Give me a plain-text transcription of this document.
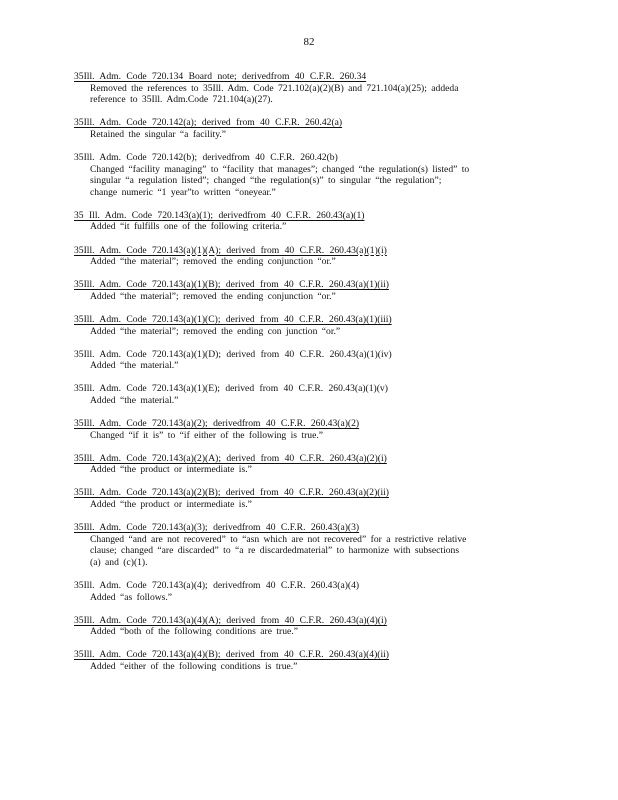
82
35Ill. Adm. Code 720.134 Board note; derivedfrom 40 C.F.R. 260.34
Removed the references to 35Ill. Adm. Code 721.102(a)(2)(B) and 721.104(a)(25); addeda
reference to 35Ill. Adm.Code 721.104(a)(27).
35Ill. Adm. Code 720.142(a); derived from 40 C.F.R. 260.42(a)
Retained the singular “a facility.”
35Ill. Adm. Code 720.142(b); derivedfrom 40 C.F.R. 260.42(b)
Changed “facility managing” to “facility that manages”; changed “the regulation(s) listed” to
singular “a regulation listed”; changed “the regulation(s)” to singular “the regulation”;
change numeric “1 year”to written “oneyear.”
35 Ill. Adm. Code 720.143(a)(1); derivedfrom 40 C.F.R. 260.43(a)(1)
Added “it fulfills one of the following criteria.”
35Ill. Adm. Code 720.143(a)(1)(A); derived from 40 C.F.R. 260.43(a)(1)(i)
Added “the material”; removed the ending conjunction “or.”
35Ill. Adm. Code 720.143(a)(1)(B); derived from 40 C.F.R. 260.43(a)(1)(ii)
Added “the material”; removed the ending conjunction “or.”
35Ill. Adm. Code 720.143(a)(1)(C); derived from 40 C.F.R. 260.43(a)(1)(iii)
Added “the material”; removed the ending con junction “or.”
35Ill. Adm. Code 720.143(a)(1)(D); derived from 40 C.F.R. 260.43(a)(1)(iv)
Added “the material.”
35Ill. Adm. Code 720.143(a)(1)(E); derived from 40 C.F.R. 260.43(a)(1)(v)
Added “the material.”
35Ill. Adm. Code 720.143(a)(2); derivedfrom 40 C.F.R. 260.43(a)(2)
Changed “if it is” to “if either of the following is true.”
35Ill. Adm. Code 720.143(a)(2)(A); derived from 40 C.F.R. 260.43(a)(2)(i)
Added “the product or intermediate is.”
35Ill. Adm. Code 720.143(a)(2)(B); derived from 40 C.F.R. 260.43(a)(2)(ii)
Added “the product or intermediate is.”
35Ill. Adm. Code 720.143(a)(3); derivedfrom 40 C.F.R. 260.43(a)(3)
Changed “and are not recovered” to “asn which are not recovered” for a restrictive relative
clause; changed “are discarded” to “a re discardedmaterial” to harmonize with subsections
(a) and (c)(1).
35Ill. Adm. Code 720.143(a)(4); derivedfrom 40 C.F.R. 260.43(a)(4)
Added “as follows.”
35Ill. Adm. Code 720.143(a)(4)(A); derived from 40 C.F.R. 260.43(a)(4)(i)
Added “both of the following conditions are true.”
35Ill. Adm. Code 720.143(a)(4)(B); derived from 40 C.F.R. 260.43(a)(4)(ii)
Added “either of the following conditions is true.”
